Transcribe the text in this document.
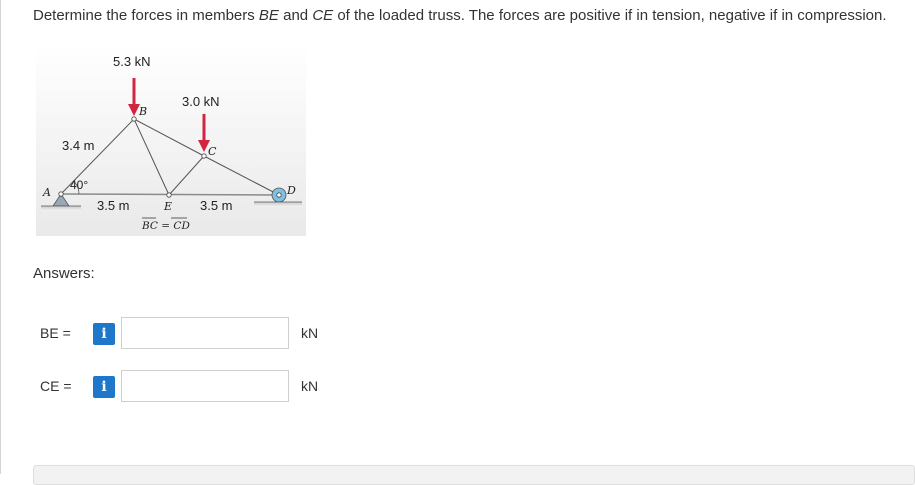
Determine the forces in members BE and CE of the loaded truss. The forces are positive if in tension, negative if in compression.

5.3 kN
3.0 kN
3.4 m
40°
3.5 m	3.5 m
A
B
C
D
E
BC = CD
Answers:
BE =	i	kN
CE =	i	kN
